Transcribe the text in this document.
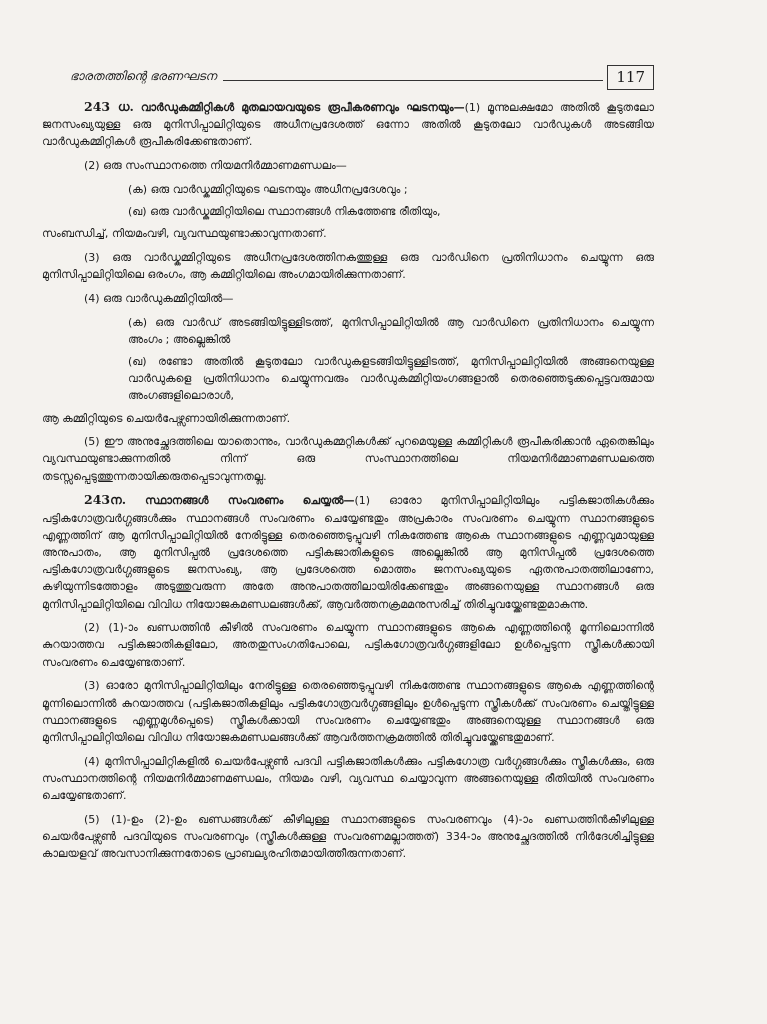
ഭാരതത്തിന്റെ ഭരണഘടന	117

243 ധ. വാർഡുകമ്മിറ്റികൾ മുതലായവയുടെ രൂപീകരണവും ഘടനയും—(1) മൂന്നുലക്ഷമോ അതിൽ കൂടുതലോ ജനസംഖ്യയുള്ള ഒരു മുനിസിപ്പാലിറ്റിയുടെ അധീനപ്രദേശത്ത് ഒന്നോ അതിൽ കൂടുതലോ വാർഡുകൾ അടങ്ങിയ വാർഡുകമ്മിറ്റികൾ രൂപീകരിക്കേണ്ടതാണ്.

(2) ഒരു സംസ്ഥാനത്തെ നിയമനിർമ്മാണമണ്ഡലം—

(ക) ഒരു വാർഡ്കമ്മിറ്റിയുടെ ഘടനയും അധീനപ്രദേശവും ;

(ഖ) ഒരു വാർഡ്കമ്മിറ്റിയിലെ സ്ഥാനങ്ങൾ നികത്തേണ്ട രീതിയും,

സംബന്ധിച്ച്, നിയമംവഴി, വ്യവസ്ഥയുണ്ടാക്കാവുന്നതാണ്.

(3) ഒരു വാർഡ്കമ്മിറ്റിയുടെ അധീനപ്രദേശത്തിനകത്തുള്ള ഒരു വാർഡിനെ പ്രതിനിധാനം ചെയ്യുന്ന ഒരു മുനിസിപ്പാലിറ്റിയിലെ ഒരംഗം, ആ കമ്മിറ്റിയിലെ അംഗമായിരിക്കുന്നതാണ്.

(4) ഒരു വാർഡുകമ്മിറ്റിയിൽ—

(ക) ഒരു വാർഡ് അടങ്ങിയിട്ടുള്ളിടത്ത്, മുനിസിപ്പാലിറ്റിയിൽ ആ വാർഡിനെ പ്രതിനിധാനം ചെയ്യുന്ന അംഗം ; അല്ലെങ്കിൽ

(ഖ) രണ്ടോ അതിൽ കൂടുതലോ വാർഡുകളടങ്ങിയിട്ടുള്ളിടത്ത്, മുനിസിപ്പാലിറ്റിയിൽ അങ്ങനെയുള്ള വാർഡുകളെ പ്രതിനിധാനം ചെയ്യുന്നവരും വാർഡുകമ്മിറ്റിയംഗങ്ങളാൽ തെരഞ്ഞെടുക്കപ്പെട്ടവരുമായ അംഗങ്ങളിലൊരാൾ,

ആ കമ്മിറ്റിയുടെ ചെയർപേഴ്സണായിരിക്കുന്നതാണ്.

(5) ഈ അനുച്ഛേദത്തിലെ യാതൊന്നും, വാർഡുകമ്മറ്റികൾക്ക് പുറമെയുള്ള കമ്മിറ്റികൾ രൂപീകരിക്കാൻ ഏതെങ്കിലും വ്യവസ്ഥയുണ്ടാക്കുന്നതിൽ നിന്ന് ഒരു സംസ്ഥാനത്തിലെ നിയമനിർമ്മാണമണ്ഡലത്തെ തടസ്സപ്പെടുത്തുന്നതായിക്കരുതപ്പെടാവുന്നതല്ല.

243ന. സ്ഥാനങ്ങൾ സംവരണം ചെയ്യൽ—(1) ഓരോ മുനിസിപ്പാലിറ്റിയിലും പട്ടികജാതികൾക്കും പട്ടികഗോത്രവർഗ്ഗങ്ങൾക്കും സ്ഥാനങ്ങൾ സംവരണം ചെയ്യേണ്ടതും അപ്രകാരം സംവരണം ചെയ്യുന്ന സ്ഥാനങ്ങളുടെ എണ്ണത്തിന് ആ മുനിസിപ്പാലിറ്റിയിൽ നേരിട്ടുള്ള തെരഞ്ഞെടുപ്പുവഴി നികത്തേണ്ട ആകെ സ്ഥാനങ്ങളുടെ എണ്ണവുമായുള്ള അനുപാതം, ആ മുനിസിപ്പൽ പ്രദേശത്തെ പട്ടികജാതികളുടെ അല്ലെങ്കിൽ ആ മുനിസിപ്പൽ പ്രദേശത്തെ പട്ടികഗോത്രവർഗ്ഗങ്ങളുടെ ജനസംഖ്യ, ആ പ്രദേശത്തെ മൊത്തം ജനസംഖ്യയുടെ ഏതനുപാതത്തിലാണോ, കഴിയുന്നിടത്തോളം അടുത്തുവരുന്ന അതേ അനുപാതത്തിലായിരിക്കേണ്ടതും അങ്ങനെയുള്ള സ്ഥാനങ്ങൾ ഒരു മുനിസിപ്പാലിറ്റിയിലെ വിവിധ നിയോജകമണ്ഡലങ്ങൾക്ക്, ആവർത്തനക്രമമനുസരിച്ച് തിരിച്ചുവയ്ക്കേണ്ടതുമാകുന്നു.

(2) (1)-ാം ഖണ്ഡത്തിൻ കീഴിൽ സംവരണം ചെയ്യുന്ന സ്ഥാനങ്ങളുടെ ആകെ എണ്ണത്തിന്റെ മൂന്നിലൊന്നിൽ കുറയാത്തവ പട്ടികജാതികളിലോ, അതതുസംഗതിപോലെ, പട്ടികഗോത്രവർഗ്ഗങ്ങളിലോ ഉൾപ്പെടുന്ന സ്ത്രീകൾക്കായി സംവരണം ചെയ്യേണ്ടതാണ്.

(3) ഓരോ മുനിസിപ്പാലിറ്റിയിലും നേരിട്ടുള്ള തെരഞ്ഞെടുപ്പുവഴി നികത്തേണ്ട സ്ഥാനങ്ങളുടെ ആകെ എണ്ണത്തിന്റെ മൂന്നിലൊന്നിൽ കുറയാത്തവ (പട്ടികജാതികളിലും പട്ടികഗോത്രവർഗ്ഗങ്ങളിലും ഉൾപ്പെടുന്ന സ്ത്രീകൾക്ക് സംവരണം ചെയ്തിട്ടുള്ള സ്ഥാനങ്ങളുടെ എണ്ണമുൾപ്പെടെ) സ്ത്രീകൾക്കായി സംവരണം ചെയ്യേണ്ടതും അങ്ങനെയുള്ള സ്ഥാനങ്ങൾ ഒരു മുനിസിപ്പാലിറ്റിയിലെ വിവിധ നിയോജകമണ്ഡലങ്ങൾക്ക് ആവർത്തനക്രമത്തിൽ തിരിച്ചുവയ്ക്കേണ്ടതുമാണ്.

(4) മുനിസിപ്പാലിറ്റികളിൽ ചെയർപേഴ്സൺ പദവി പട്ടികജാതികൾക്കും പട്ടികഗോത്ര വർഗ്ഗങ്ങൾക്കും സ്ത്രീകൾക്കും, ഒരു സംസ്ഥാനത്തിന്റെ നിയമനിർമ്മാണമണ്ഡലം, നിയമം വഴി, വ്യവസ്ഥ ചെയ്യാവുന്ന അങ്ങനെയുള്ള രീതിയിൽ സംവരണം ചെയ്യേണ്ടതാണ്.

(5) (1)-ഉം (2)-ഉം ഖണ്ഡങ്ങൾക്ക് കീഴിലുള്ള സ്ഥാനങ്ങളുടെ സംവരണവും (4)-ാം ഖണ്ഡത്തിൻകീഴിലുള്ള ചെയർപേഴ്സൺ പദവിയുടെ സംവരണവും (സ്ത്രീകൾക്കുള്ള സംവരണമല്ലാത്തത്) 334-ാം അനുച്ഛേദത്തിൽ നിർദേശിച്ചിട്ടുള്ള കാലയളവ് അവസാനിക്കുന്നതോടെ പ്രാബല്യരഹിതമായിത്തീരുന്നതാണ്.
